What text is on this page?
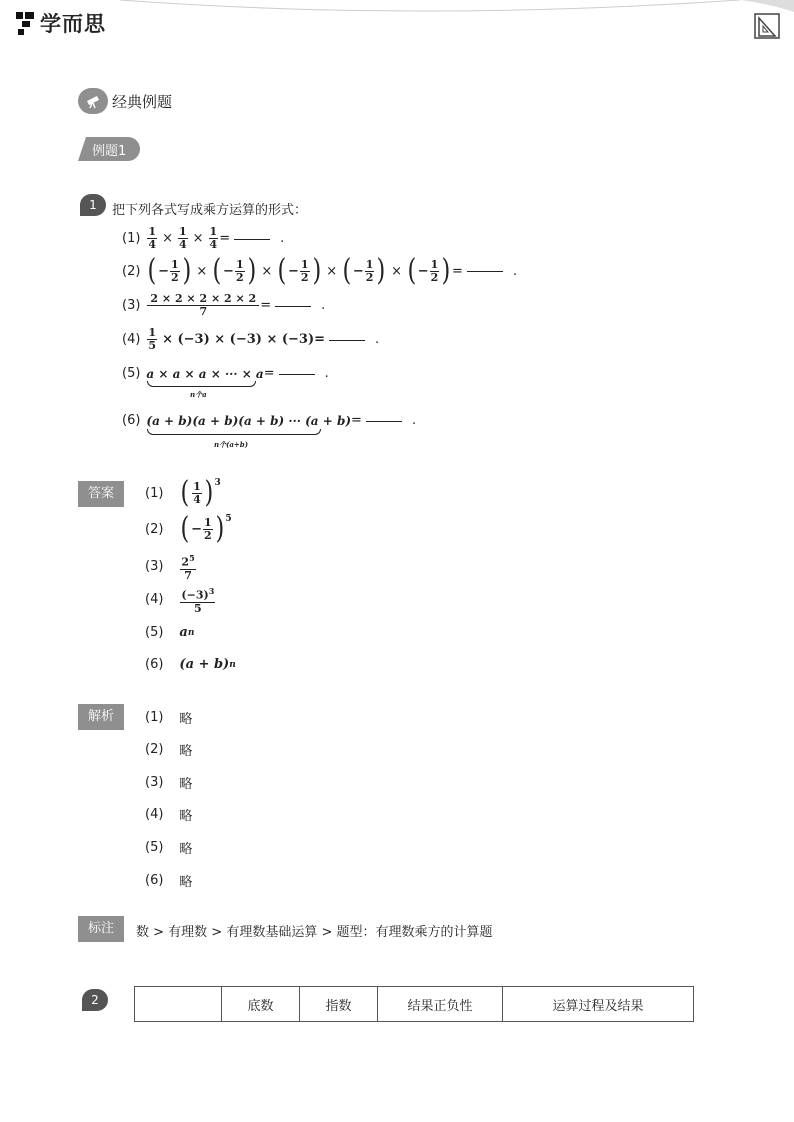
学而思
经典例题
例题1
1	把下列各式写成乘方运算的形式：
$(1) \frac{1}{4} \times \frac{1}{4} \times \frac{1}{4}$ =	.
(2) ( − $\frac{1}{2}$ ) × ( − $\frac{1}{2}$ ) × ( − $\frac{1}{2}$ ) × ( − $\frac{1}{2}$ ) × ( − $\frac{1}{2}$ ) =	.
$(3) \frac{2 \times 2 \times 2 \times 2 \times 2}{7}$ =	.
$(4) \frac{1}{5} \times (-3) \times (-3) \times (-3)=$	.
(5) a × a × a × ··· × a =	.
n个a
(6) (a + b)(a + b)(a + b) ··· (a + b) =	.
n个(a+b)
答案	(1) ( $\frac{1}{4}$ ) 3
(2) ( − $\frac{1}{2}$ ) 5
$(3) \frac{2^5}{7}$
$(4) \frac{(-3)^3}{5}$
(5) a n
(6) (a + b) n
解析	(1) 略
(2) 略
(3) 略
(4) 略
(5) 略
(6) 略
标注	数 > 有理数 > 有理数基础运算 > 题型：有理数乘方的计算题
2
		底数	指数	结果正负性	运算过程及结果
